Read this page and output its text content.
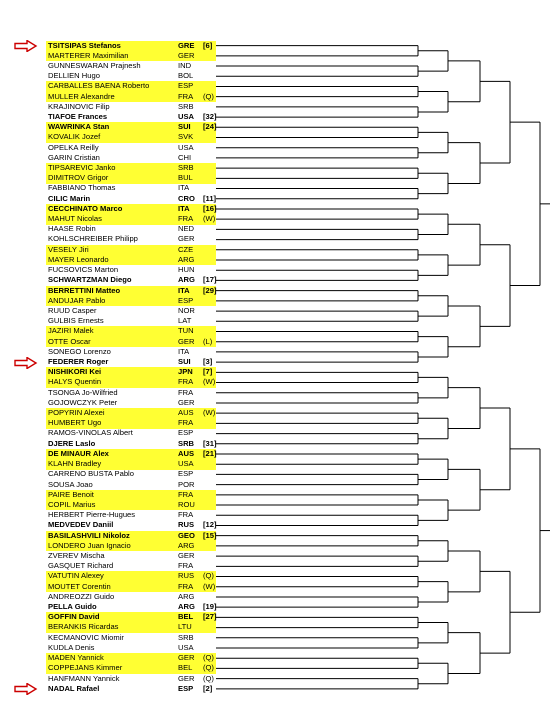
TSITSIPAS Stefanos	GRE [6]
MARTERER Maximilian	GER
GUNNESWARAN Prajnesh	IND
DELLIEN Hugo	BOL
CARBALLES BAENA Roberto	ESP
MULLER Alexandre	FRA (Q)
KRAJINOVIC Filip	SRB
TIAFOE Frances	USA [32]
WAWRINKA Stan	SUI [24]
KOVALIK Jozef	SVK
OPELKA Reilly	USA
GARIN Cristian	CHI
TIPSAREVIC Janko	SRB
DIMITROV Grigor	BUL
FABBIANO Thomas	ITA
CILIC Marin	CRO [11]
CECCHINATO Marco	ITA [16]
MAHUT Nicolas	FRA (W)
HAASE Robin	NED
KOHLSCHREIBER Philipp	GER
VESELY Jiri	CZE
MAYER Leonardo	ARG
FUCSOVICS Marton	HUN
SCHWARTZMAN Diego	ARG [17]
BERRETTINI Matteo	ITA [29]
ANDUJAR Pablo	ESP
RUUD Casper	NOR
GULBIS Ernests	LAT
JAZIRI Malek	TUN
OTTE Oscar	GER (L)
SONEGO Lorenzo	ITA
FEDERER Roger	SUI [3]
NISHIKORI Kei	JPN [7]
HALYS Quentin	FRA (W)
TSONGA Jo-Wilfried	FRA
GOJOWCZYK Peter	GER
POPYRIN Alexei	AUS (W)
HUMBERT Ugo	FRA
RAMOS-VINOLAS Albert	ESP
DJERE Laslo	SRB [31]
DE MINAUR Alex	AUS [21]
KLAHN Bradley	USA
CARRENO BUSTA Pablo	ESP
SOUSA Joao	POR
PAIRE Benoit	FRA
COPIL Marius	ROU
HERBERT Pierre-Hugues	FRA
MEDVEDEV Daniil	RUS [12]
BASILASHVILI Nikoloz	GEO [15]
LONDERO Juan Ignacio	ARG
ZVEREV Mischa	GER
GASQUET Richard	FRA
VATUTIN Alexey	RUS (Q)
MOUTET Corentin	FRA (W)
ANDREOZZI Guido	ARG
PELLA Guido	ARG [19]
GOFFIN David	BEL [27]
BERANKIS Ricardas	LTU
KECMANOVIC Miomir	SRB
KUDLA Denis	USA
MADEN Yannick	GER (Q)
COPPEJANS Kimmer	BEL (Q)
HANFMANN Yannick	GER (Q)
NADAL Rafael	ESP [2]
